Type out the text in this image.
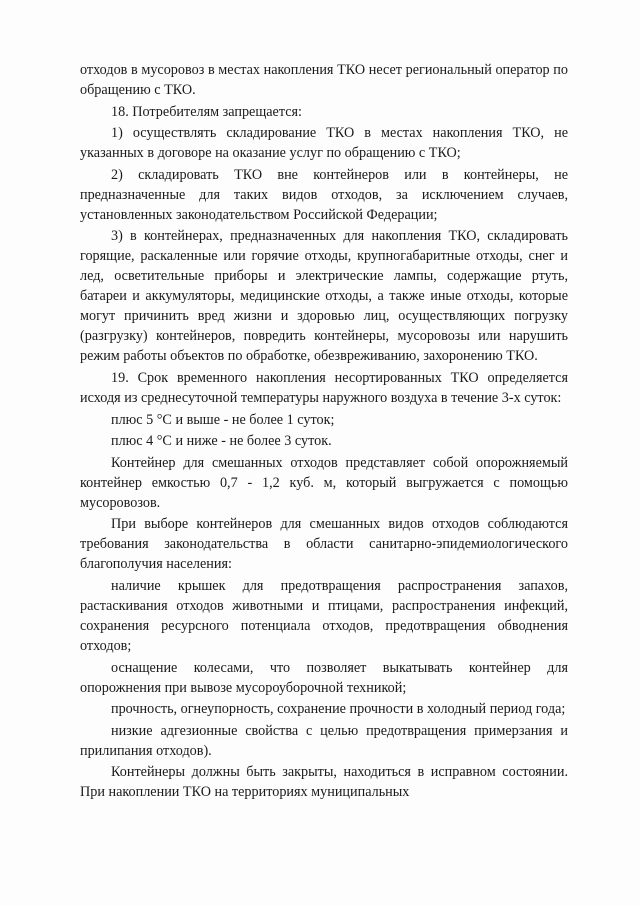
отходов в мусоровоз в местах накопления ТКО несет региональный оператор по обращению с ТКО.

18. Потребителям запрещается:

1) осуществлять складирование ТКО в местах накопления ТКО, не указанных в договоре на оказание услуг по обращению с ТКО;

2) складировать ТКО вне контейнеров или в контейнеры, не предназначенные для таких видов отходов, за исключением случаев, установленных законодательством Российской Федерации;

3) в контейнерах, предназначенных для накопления ТКО, складировать горящие, раскаленные или горячие отходы, крупногабаритные отходы, снег и лед, осветительные приборы и электрические лампы, содержащие ртуть, батареи и аккумуляторы, медицинские отходы, а также иные отходы, которые могут причинить вред жизни и здоровью лиц, осуществляющих погрузку (разгрузку) контейнеров, повредить контейнеры, мусоровозы или нарушить режим работы объектов по обработке, обезвреживанию, захоронению ТКО.

19. Срок временного накопления несортированных ТКО определяется исходя из среднесуточной температуры наружного воздуха в течение 3-х суток:

плюс 5 °С и выше - не более 1 суток;

плюс 4 °С и ниже - не более 3 суток.

Контейнер для смешанных отходов представляет собой опорожняемый контейнер емкостью 0,7 - 1,2 куб. м, который выгружается с помощью мусоровозов.

При выборе контейнеров для смешанных видов отходов соблюдаются требования законодательства в области санитарно-эпидемиологического благополучия населения:

наличие крышек для предотвращения распространения запахов, растаскивания отходов животными и птицами, распространения инфекций, сохранения ресурсного потенциала отходов, предотвращения обводнения отходов;

оснащение колесами, что позволяет выкатывать контейнер для опорожнения при вывозе мусороуборочной техникой;

прочность, огнеупорность, сохранение прочности в холодный период года;

низкие адгезионные свойства с целью предотвращения примерзания и прилипания отходов).

Контейнеры должны быть закрыты, находиться в исправном состоянии. При накоплении ТКО на территориях муниципальных
